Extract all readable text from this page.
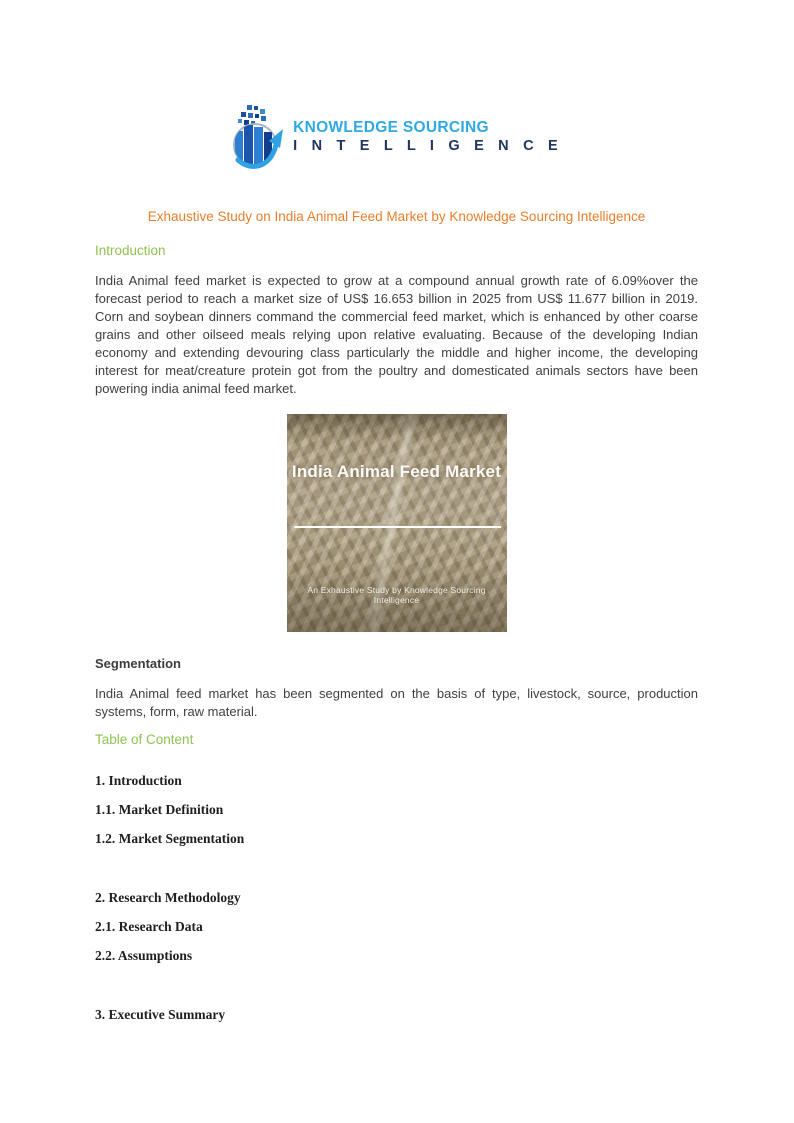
KNOWLEDGE SOURCING
I N T E L L I G E N C E
Exhaustive Study on India Animal Feed Market by Knowledge Sourcing Intelligence
Introduction

India Animal feed market is expected to grow at a compound annual growth rate of 6.09%over the forecast period to reach a market size of US$ 16.653 billion in 2025 from US$ 11.677 billion in 2019. Corn and soybean dinners command the commercial feed market, which is enhanced by other coarse grains and other oilseed meals relying upon relative evaluating. Because of the developing Indian economy and extending devouring class particularly the middle and higher income, the developing interest for meat/creature protein got from the poultry and domesticated animals sectors have been powering india animal feed market.

India Animal Feed Market
An Exhaustive Study by Knowledge Sourcing Intelligence
Segmentation

India Animal feed market has been segmented on the basis of type, livestock, source, production systems, form, raw material.

Table of Content
1. Introduction
1.1. Market Definition
1.2. Market Segmentation
2. Research Methodology
2.1. Research Data
2.2. Assumptions
3. Executive Summary
